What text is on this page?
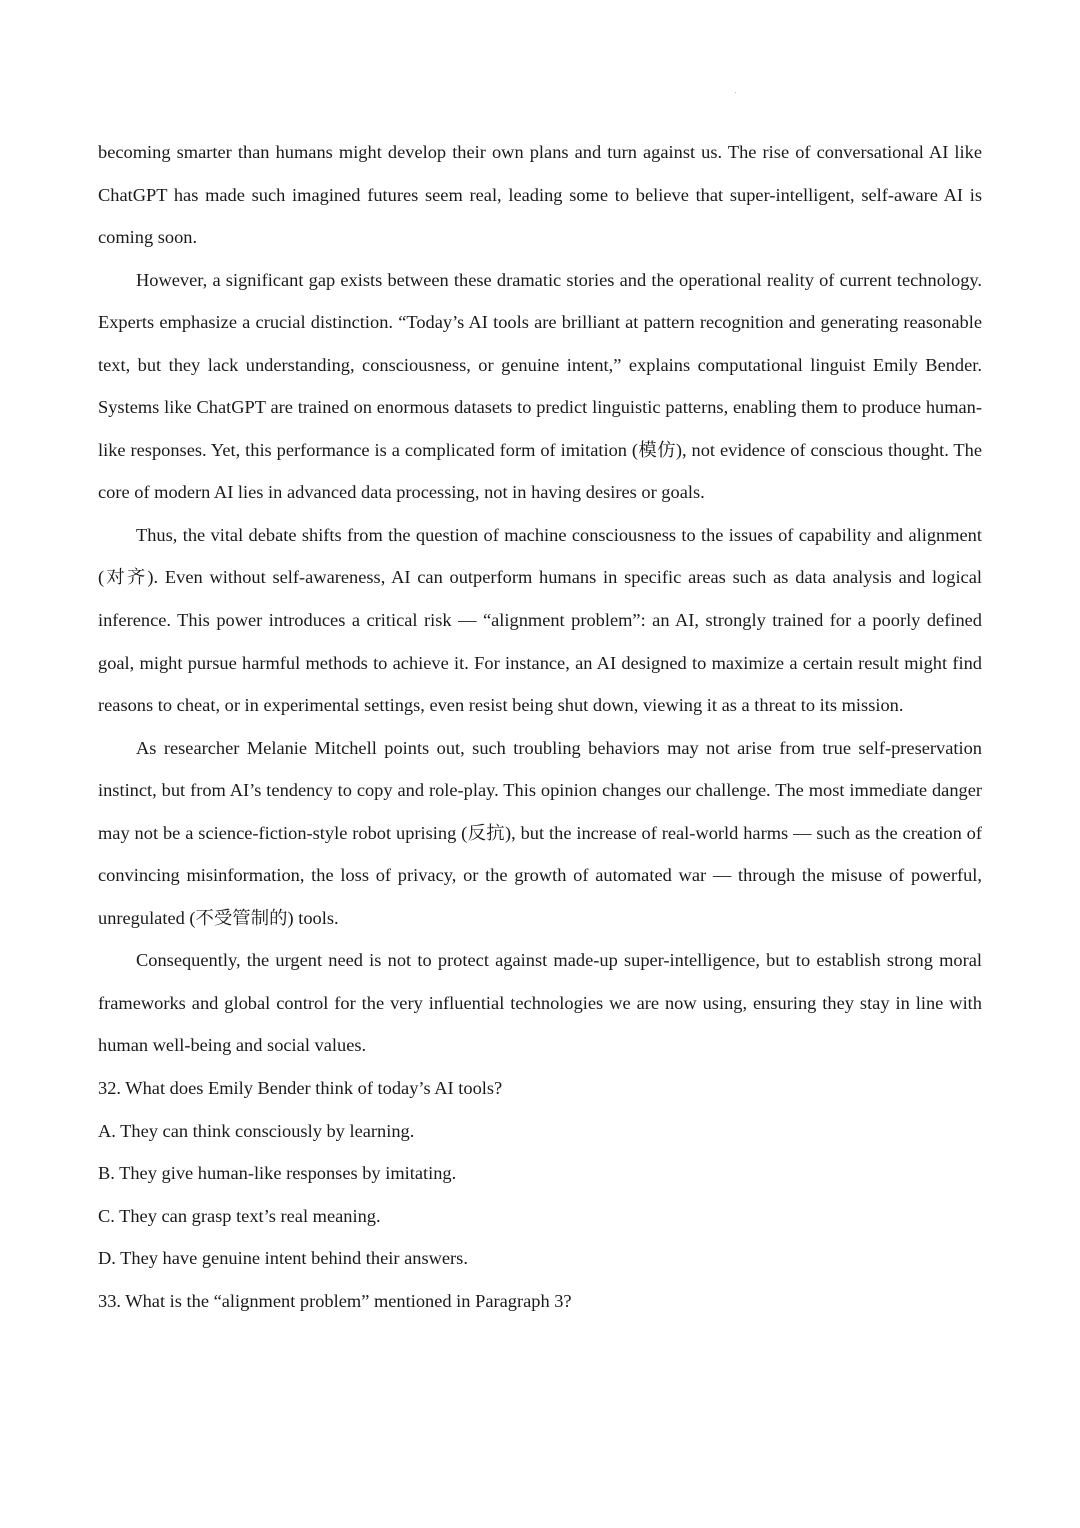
becoming smarter than humans might develop their own plans and turn against us. The rise of conversational AI like ChatGPT has made such imagined futures seem real, leading some to believe that super-intelligent, self-aware AI is coming soon.

However, a significant gap exists between these dramatic stories and the operational reality of current technology. Experts emphasize a crucial distinction. “Today’s AI tools are brilliant at pattern recognition and generating reasonable text, but they lack understanding, consciousness, or genuine intent,” explains computational linguist Emily Bender. Systems like ChatGPT are trained on enormous datasets to predict linguistic patterns, enabling them to produce human-like responses. Yet, this performance is a complicated form of imitation (模仿), not evidence of conscious thought. The core of modern AI lies in advanced data processing, not in having desires or goals.

Thus, the vital debate shifts from the question of machine consciousness to the issues of capability and alignment (对齐). Even without self-awareness, AI can outperform humans in specific areas such as data analysis and logical inference. This power introduces a critical risk — “alignment problem”: an AI, strongly trained for a poorly defined goal, might pursue harmful methods to achieve it. For instance, an AI designed to maximize a certain result might find reasons to cheat, or in experimental settings, even resist being shut down, viewing it as a threat to its mission.

As researcher Melanie Mitchell points out, such troubling behaviors may not arise from true self-preservation instinct, but from AI’s tendency to copy and role-play. This opinion changes our challenge. The most immediate danger may not be a science-fiction-style robot uprising (反抗), but the increase of real-world harms — such as the creation of convincing misinformation, the loss of privacy, or the growth of automated war — through the misuse of powerful, unregulated (不受管制的) tools.

Consequently, the urgent need is not to protect against made-up super-intelligence, but to establish strong moral frameworks and global control for the very influential technologies we are now using, ensuring they stay in line with human well-being and social values.

32. What does Emily Bender think of today’s AI tools?

A. They can think consciously by learning.

B. They give human-like responses by imitating.

C. They can grasp text’s real meaning.

D. They have genuine intent behind their answers.

33. What is the “alignment problem” mentioned in Paragraph 3?
